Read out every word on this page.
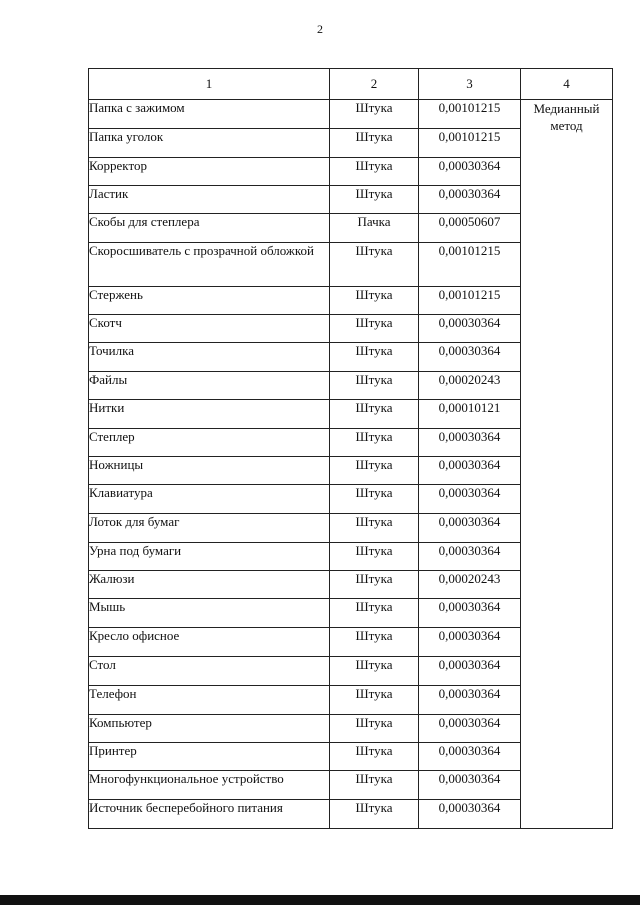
2
1	2	3	4
Папка с зажимом	Штука	0,00101215	Медианный метод

Папка уголок	Штука	0,00101215	
Корректор	Штука	0,00030364	
Ластик	Штука	0,00030364	
Скобы для степлера	Пачка	0,00050607	
Скоросшиватель с прозрачной обложкой	Штука	0,00101215	
Стержень	Штука	0,00101215	
Скотч	Штука	0,00030364	
Точилка	Штука	0,00030364	
Файлы	Штука	0,00020243	
Нитки	Штука	0,00010121	
Степлер	Штука	0,00030364	
Ножницы	Штука	0,00030364	
Клавиатура	Штука	0,00030364	
Лоток для бумаг	Штука	0,00030364	
Урна под бумаги	Штука	0,00030364	
Жалюзи	Штука	0,00020243	
Мышь	Штука	0,00030364	
Кресло офисное	Штука	0,00030364	
Стол	Штука	0,00030364	
Телефон	Штука	0,00030364	
Компьютер	Штука	0,00030364	
Принтер	Штука	0,00030364	
Многофункциональное устройство	Штука	0,00030364	
Источник бесперебойного питания	Штука	0,00030364	
